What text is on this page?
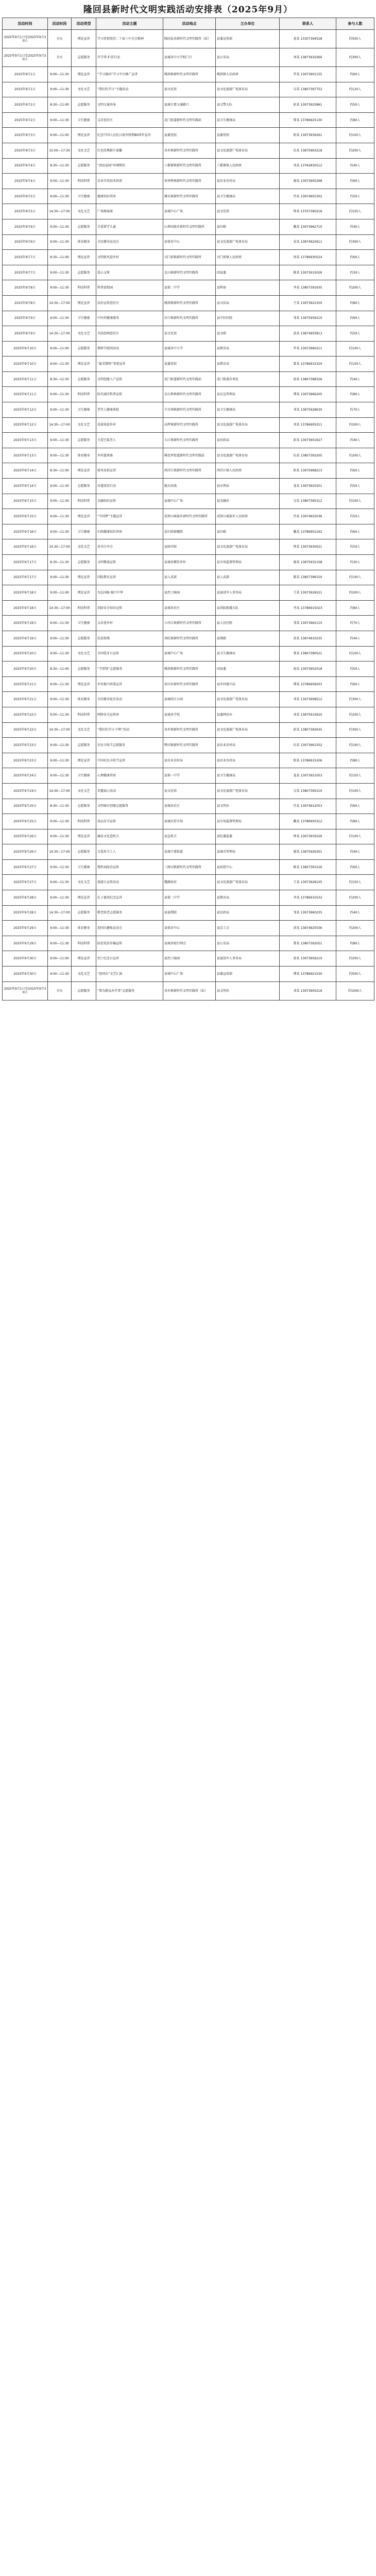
隆回县新时代文明实践活动安排表（2025年9月）
活动时间	活动时段	活动类型	活动主题	活动地点	主办单位	联系人	参与人数
2025年9月1日至2025年9月30日	全天	理论宣讲	学习贯彻党的二十届三中全会精神	隆回县各新时代文明实践所（站）	县委宣传部	龙某 13307394528	约500人
2025年9月1日至2025年9月30日	全天	志愿服务	开学季·护苗行动	县城各中小学校门口	县公安局	刘某 13873910266	约300人
2025年9月1日	9:00—11:30	理论宣讲	“学习强国”学习平台推广宣讲	桃洪镇新时代文明实践所	桃洪镇人民政府	罗某 13973901155	约60人
2025年9月1日	9:00—11:30	文化文艺	“我们的节日”主题活动	县文化馆	县文化旅游广电体育局	吴某 13807397752	约120人
2025年9月2日	8:30—11:00	志愿服务	文明交通劝导	县城主要交通路口	县交警大队	彭某 13973925861	约50人
2025年9月2日	9:00—11:30	卫生健康	义诊进社区	花门街道新时代文明实践站	县卫生健康局	曾某 13786925130	约80人
2025年9月3日	9:00—11:00	理论宣讲	纪念中国人民抗日战争胜利80周年宣讲	县委党校	县委党校	阳某 13973939261	约100人
2025年9月3日	15:00—17:30	文化文艺	红色经典影片展播	各乡镇新时代文明实践所	县文化旅游广电体育局	伍某 13875963218	约200人
2025年9月4日	8:30—11:30	志愿服务	“清洁家园”环境整治	六都寨镇新时代文明实践所	六都寨镇人民政府	刘某 13762830512	约40人
2025年9月4日	9:00—11:30	科技科普	农业实用技术培训	荷香桥镇新时代文明实践所	县农业农村局	谢某 13973905268	约60人
2025年9月5日	9:00—11:30	卫生健康	健康知识讲座	滩头镇新时代文明实践所	县卫生健康局	肖某 13974955302	约50人
2025年9月5日	14:30—17:00	文化文艺	广场舞展演	县城中心广场	县文化馆	钟某 13707390216	约150人
2025年9月6日	9:00—11:30	志愿服务	关爱留守儿童	山界回族乡新时代文明实践所	县妇联	戴某 13973962710	约40人
2025年9月6日	9:00—11:30	体育健身	全民健身运动会	县体育中心	县文化旅游广电体育局	袁某 13874925611	约300人
2025年9月7日	8:30—11:00	理论宣讲	文明新风进乡村	司门前镇新时代文明实践所	司门前镇人民政府	周某 13786930524	约60人
2025年9月7日	9:00—11:30	志愿服务	爱心义剪	北山镇新时代文明实践所	团县委	陈某 13973915026	约30人
2025年9月8日	9:00—11:30	科技科普	科普进校园	县第二中学	县科协	李某 13807391635	约200人
2025年9月8日	14:30—17:00	理论宣讲	法治宣传进社区	桃洪镇新时代文明实践所	县司法局	王某 13973922350	约80人
2025年9月9日	9:00—11:30	卫生健康	中医药健康服务	岩口镇新时代文明实践所	县中医医院	邹某 13975956210	约60人
2025年9月9日	14:30—17:00	文化文艺	书法绘画进社区	县文化馆	县文联	黄某 13874955813	约50人
2025年9月10日	9:00—11:00	志愿服务	教师节慰问活动	县城各中小学	县教育局	罗某 13973960211	约100人
2025年9月10日	9:00—11:30	理论宣讲	“最美教师”事迹宣讲	县委党校	县教育局	曾某 13786915320	约150人
2025年9月11日	8:30—11:30	志愿服务	文明创建入户宣传	花门街道新时代文明实践站	花门街道办事处	唐某 13807398326	约40人
2025年9月11日	9:00—11:30	科技科普	防灾减灾科普宣传	金石桥镇新时代文明实践所	县应急管理局	谭某 13973966205	约80人
2025年9月12日	9:00—11:30	卫生健康	老年人健康体检	羊古坳镇新时代文明实践所	县卫生健康局	邓某 13875928630	约70人
2025年9月12日	14:30—17:00	文化文艺	花鼓戏进乡村	高坪镇新时代文明实践所	县文化旅游广电体育局	刘某 13786905311	约200人
2025年9月13日	9:00—11:30	志愿服务	关爱空巢老人	七江镇新时代文明实践所	县民政局	彭某 13973901627	约40人
2025年9月13日	9:00—11:30	体育健身	乡村篮球赛	桃花坪街道新时代文明实践站	县文化旅游广电体育局	伍某 13807393205	约200人
2025年9月14日	8:30—11:00	理论宣讲	移风易俗宣讲	西洋江镇新时代文明实践所	西洋江镇人民政府	阳某 13975968213	约60人
2025年9月14日	9:00—11:30	志愿服务	河道清洁行动	赧水沿线	县水利局	龙某 13973925501	约50人
2025年9月15日	9:00—11:30	科技科普	金融知识宣传	县城中心广场	县金融办	吴某 13807395312	约100人
2025年9月15日	9:00—11:30	理论宣讲	“中国梦”主题宣讲	虎形山瑶族乡新时代文明实践所	虎形山瑶族乡人民政府	肖某 13974925036	约50人
2025年9月16日	9:00—11:30	卫生健康	妇幼健康知识讲座	县妇幼保健院	县妇联	戴某 13786952162	约60人
2025年9月16日	14:30—17:00	文化文艺	读书分享会	县图书馆	县文化旅游广电体育局	钟某 13973930521	约50人
2025年9月17日	8:30—11:30	志愿服务	文明餐桌宣传	县城各餐饮单位	县市场监督管理局	谢某 13875932108	约30人
2025年9月17日	9:00—11:30	理论宣讲	国防教育宣讲	县人武部	县人武部	陈某 13807396150	约100人
2025年9月18日	9:00—11:00	理论宣讲	勿忘国耻·振兴中华	县烈士陵园	县退役军人事务局	王某 13973926521	约200人
2025年9月18日	14:30—17:00	科技科普	消防安全知识宣传	县城各社区	县消防救援大队	李某 13786915023	约80人
2025年9月19日	9:00—11:30	卫生健康	义诊进乡村	小沙江镇新时代文明实践所	县人民医院	邹某 13973962115	约70人
2025年9月19日	9:00—11:30	志愿服务	扶贫助残	周旺镇新时代文明实践所	县残联	黄某 13874910235	约40人
2025年9月20日	9:00—11:30	文化文艺	全国爱牙日宣传	县城中心广场	县卫生健康局	曾某 13807390521	约100人
2025年9月20日	8:30—11:00	志愿服务	“学雷锋”志愿服务	桃洪镇新时代文明实践所	团县委	唐某 13973952018	约50人
2025年9月21日	9:00—11:30	理论宣讲	乡村振兴政策宣讲	荷田乡新时代文明实践所	县乡村振兴局	谭某 13786958203	约60人
2025年9月21日	9:00—11:30	体育健身	全民健身徒步活动	县城滨江公园	县文化旅游广电体育局	邓某 13973908512	约300人
2025年9月22日	9:00—11:30	科技科普	网络安全宣传周	县城各学校	县委网信办	刘某 13875915620	约200人
2025年9月22日	14:30—17:00	文化文艺	“我们的节日·中秋”活动	各乡镇新时代文明实践所	县文化旅游广电体育局	彭某 13807392635	约300人
2025年9月23日	9:00—11:30	志愿服务	农民丰收节志愿服务	鸭田镇新时代文明实践所	县农业农村局	伍某 13973961502	约100人
2025年9月23日	9:00—11:30	理论宣讲	中国农民丰收节宣讲	县农业农村局	县农业农村局	阳某 13786915206	约80人
2025年9月24日	9:00—11:30	卫生健康	心理健康讲座	县第一中学	县卫生健康局	龙某 13973921053	约150人
2025年9月24日	14:30—17:00	文化文艺	非遗展示活动	县文化馆	县文化旅游广电体育局	吴某 13807395210	约100人
2025年9月25日	8:30—11:30	志愿服务	文明城市创建志愿服务	县城各社区	县文明办	肖某 13974912053	约60人
2025年9月25日	9:00—11:30	科技科普	食品安全宣传	县城农贸市场	县市场监督管理局	戴某 13786950312	约80人
2025年9月26日	9:00—11:30	理论宣讲	廉洁文化进机关	县直机关	县纪委监委	钟某 13973935026	约100人
2025年9月26日	14:30—17:00	志愿服务	关爱环卫工人	县城主要街道	县城市管理局	谢某 13875926301	约40人
2025年9月27日	9:00—11:30	卫生健康	慢性病防治宣传	三阁司镇新时代文明实践所	县疾控中心	陈某 13807391526	约60人
2025年9月27日	9:00—11:30	文化文艺	旅游日宣传活动	魏源故居	县文化旅游广电体育局	王某 13973928105	约150人
2025年9月28日	9:00—11:30	理论宣讲	孔子诞辰纪念宣讲	县第二中学	县教育局	李某 13786910532	约200人
2025年9月28日	14:30—17:00	志愿服务	敬老助老志愿服务	县福利院	县民政局	邹某 13973960235	约40人
2025年9月29日	9:00—11:30	体育健身	迎国庆趣味运动会	县体育中心	县总工会	黄某 13874925036	约200人
2025年9月29日	9:00—11:30	科技科普	防范电信诈骗宣传	县城各银行网点	县公安局	曾某 13807392051	约80人
2025年9月30日	9:00—11:00	理论宣讲	烈士纪念日宣讲	县烈士陵园	县退役军人事务局	唐某 13973956210	约200人
2025年9月30日	9:00—11:30	文化文艺	“迎国庆”文艺汇演	县城中心广场	县委宣传部	谭某 13786921530	约500人
2025年9月1日至2025年9月30日	全天	志愿服务	“我为群众办实事”志愿服务	各乡镇新时代文明实践所（站）	县文明办	邓某 13973905216	约1000人
